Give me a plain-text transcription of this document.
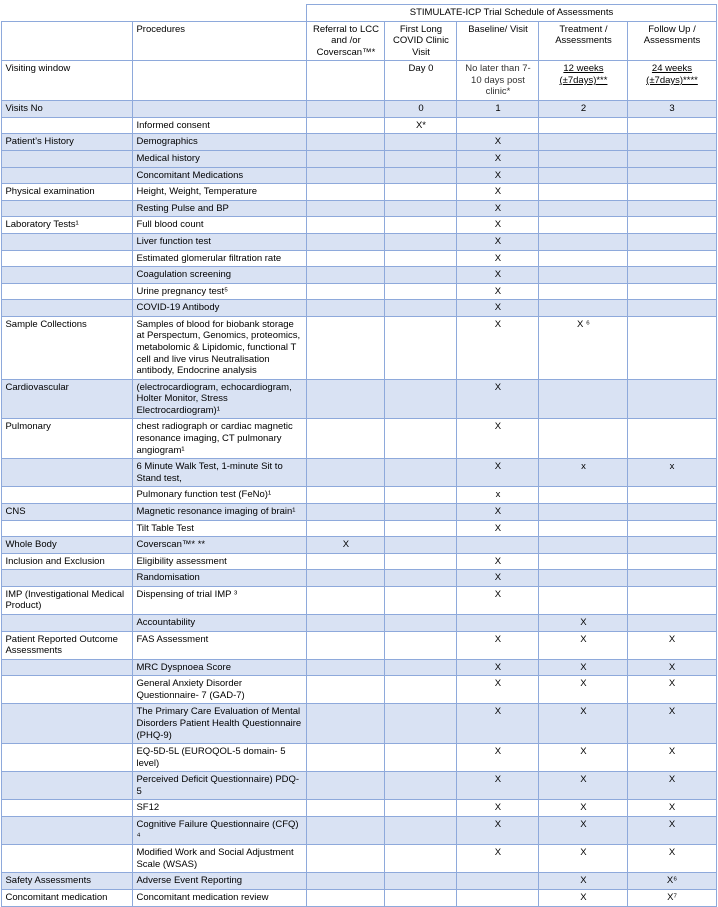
		STIMULATE-ICP Trial Schedule of Assessments				
	Procedures	Referral to LCC and /or Coverscan™*	First Long COVID Clinic Visit	Baseline/ Visit	Treatment / Assessments	Follow Up / Assessments
Visiting window			Day 0	No later than 7-10 days post clinic*	12 weeks (±7days)***	24 weeks (±7days)****
Visits No			0	1	2	3
	Informed consent		X*			
Patient’s History	Demographics			X		
	Medical history			X		
	Concomitant Medications			X		
Physical examination	Height, Weight, Temperature			X		
	Resting Pulse and BP			X		
Laboratory Tests¹	Full blood count			X		
	Liver function test			X		
	Estimated glomerular filtration rate			X		
	Coagulation screening			X		
	Urine pregnancy test⁵			X		
	COVID-19 Antibody			X		
Sample Collections	Samples of blood for biobank storage at Perspectum, Genomics, proteomics, metabolomic & Lipidomic, functional T cell and live virus Neutralisation antibody, Endocrine analysis			X	X ⁶	
Cardiovascular	(electrocardiogram, echocardiogram, Holter Monitor, Stress Electrocardiogram)¹			X		
Pulmonary	chest radiograph or cardiac magnetic resonance imaging, CT pulmonary angiogram¹			X		
	6 Minute Walk Test, 1-minute Sit to Stand test,			X	x	x
	Pulmonary function test (FeNo)¹			x		
CNS	Magnetic resonance imaging of brain¹			X		
	Tilt Table Test			X		
Whole Body	Coverscan™* **	X				
Inclusion and Exclusion	Eligibility assessment			X		
	Randomisation			X		
IMP (Investigational Medical Product)	Dispensing of trial IMP ³			X		
	Accountability				X	
Patient Reported Outcome Assessments	FAS Assessment			X	X	X
	MRC Dyspnoea Score			X	X	X
	General Anxiety Disorder Questionnaire- 7 (GAD-7)			X	X	X
	The Primary Care Evaluation of Mental Disorders Patient Health Questionnaire (PHQ-9)			X	X	X
	EQ-5D-5L (EUROQOL-5 domain- 5 level)			X	X	X
	Perceived Deficit Questionnaire) PDQ-5			X	X	X
	SF12			X	X	X
	Cognitive Failure Questionnaire (CFQ) ⁴			X	X	X
	Modified Work and Social Adjustment Scale (WSAS)			X	X	X
Safety Assessments	Adverse Event Reporting				X	X⁶
Concomitant medication	Concomitant medication review				X	X⁷
